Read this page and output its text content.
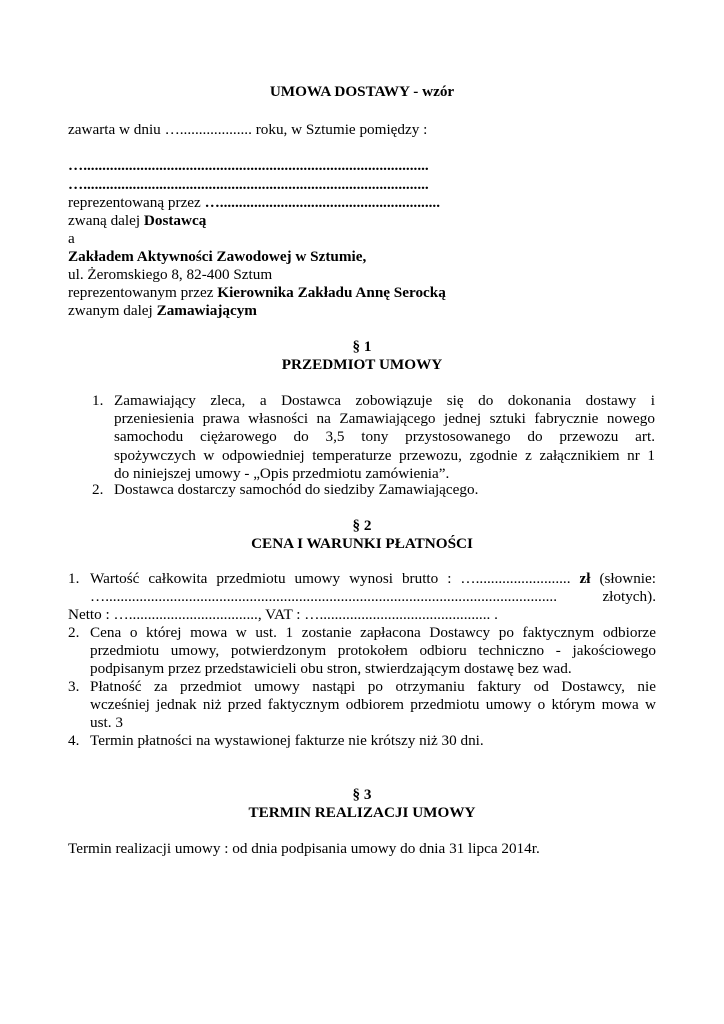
UMOWA DOSTAWY - wzór
zawarta w dniu …................... roku, w Sztumie pomiędzy :
…...........................................................................................
…...........................................................................................
reprezentowaną przez …..........................................................
zwaną dalej Dostawcą
a
Zakładem Aktywności Zawodowej w Sztumie,
ul. Żeromskiego 8, 82-400 Sztum
reprezentowanym przez Kierownika Zakładu Annę Serocką
zwanym dalej Zamawiającym
§ 1
PRZEDMIOT UMOWY
1. Zamawiający zleca, a Dostawca zobowiązuje się do dokonania dostawy i
przeniesienia prawa własności na Zamawiającego jednej sztuki fabrycznie nowego
samochodu ciężarowego do 3,5 tony przystosowanego do przewozu art.
spożywczych w odpowiedniej temperaturze przewozu, zgodnie z załącznikiem nr 1
do niniejszej umowy - „Opis przedmiotu zamówienia”.
2. Dostawca dostarczy samochód do siedziby Zamawiającego.
§ 2
CENA I WARUNKI PŁATNOŚCI
1. Wartość całkowita przedmiotu umowy wynosi brutto : …......................... zł (słownie:
…....................................................................................................................... złotych).
Netto : ….................................., VAT : …............................................. .
2. Cena o której mowa w ust. 1 zostanie zapłacona Dostawcy po faktycznym odbiorze
przedmiotu umowy, potwierdzonym protokołem odbioru techniczno - jakościowego
podpisanym przez przedstawicieli obu stron, stwierdzającym dostawę bez wad.
3. Płatność za przedmiot umowy nastąpi po otrzymaniu faktury od Dostawcy, nie
wcześniej jednak niż przed faktycznym odbiorem przedmiotu umowy o którym mowa w
ust. 3
4. Termin płatności na wystawionej fakturze nie krótszy niż 30 dni.
§ 3
TERMIN REALIZACJI UMOWY
Termin realizacji umowy : od dnia podpisania umowy do dnia 31 lipca 2014r.
